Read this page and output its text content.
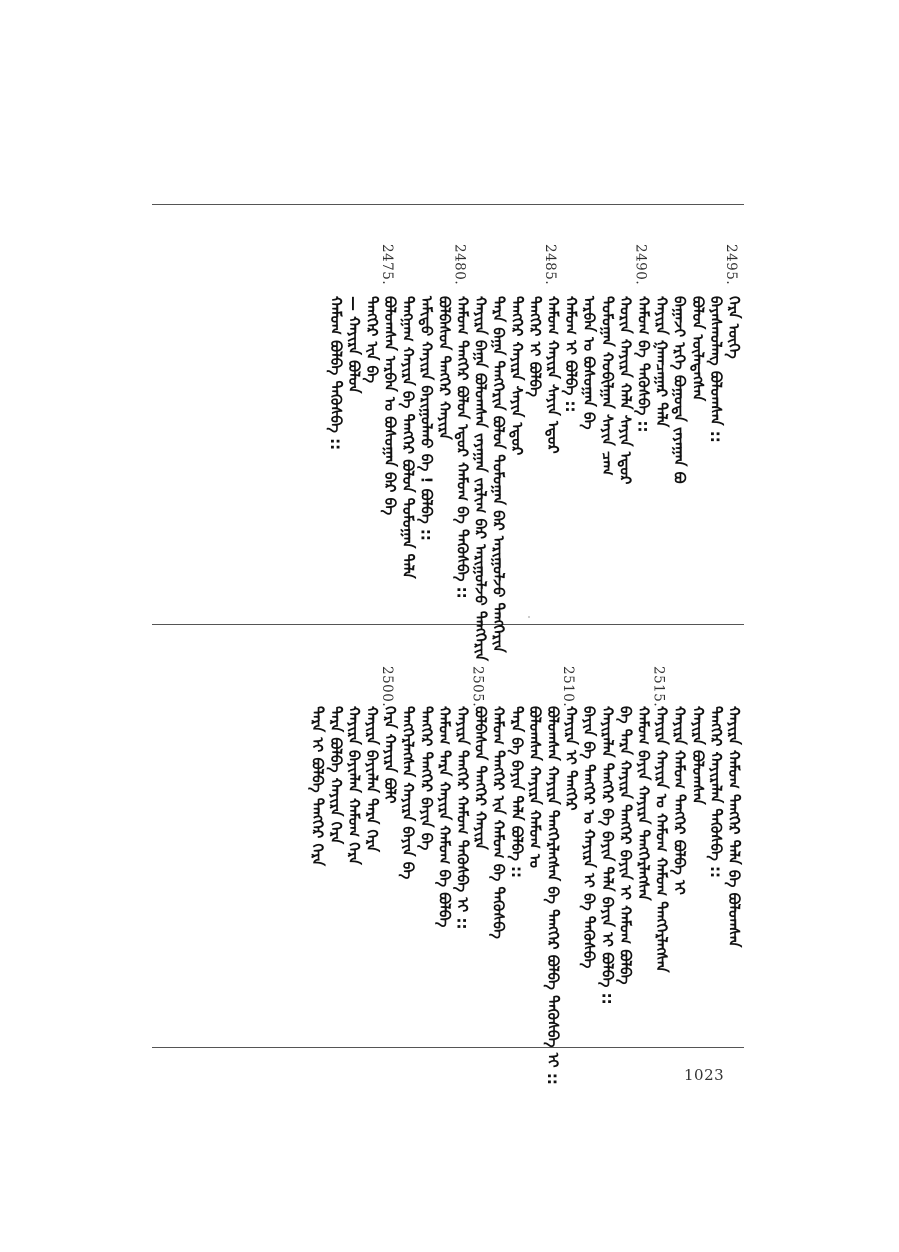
2495.
ᠬᠡᠷᠡ ᠦᠭᠡ
ᠪᠠᠶᠠᠰᠬᠤᠯᠠᠩ ᠪᠣᠯᠤᠭᠰᠠᠨ ::
ᠪᠣᠯᠤᠨ ᠦᠯᠡᠳᠡᠭᠰᠡᠨ
ᠪᠠᠭᠠᠵᠢ ᠡᠷᠬᠡ ᠪᠣᠭᠣᠳᠠ ᠵᠠᠶᠠᠭᠠᠨ ᠪᠣ
ᠬᠠᠶᠢᠷᠠ ᠭᠠᠭᠴᠠᠭᠠᠷ ᠲᠠᠯᠠ
2490.
ᠬᠠᠮᠤᠭ ᠪᠠ ᠲᠡᠭᠦᠰᠪᠡ ::
ᠬᠣᠷᠢᠨ ᠬᠠᠶᠢᠷᠠ ᠬᠠᠯᠠ ᠰᠠᠶᠢᠨ ᠡᠳᠦᠷ
ᠲᠣᠮᠣᠭᠠᠨ ᠬᠣᠪᠢᠯᠭᠠᠨ ᠰᠠᠶᠢᠨ ᠴᠠᠭ
ᠠᠷᠪᠠᠨ ᠣ ᠪᠣᠰᠣᠭᠠᠨ ᠪᠠ
ᠬᠠᠮᠤᠭ ᠢ ᠪᠣᠯᠪᠠ ::
2485.
ᠬᠠᠮᠤᠭ ᠬᠠᠶᠢᠷᠠ ᠰᠠᠶᠢᠨ ᠡᠳᠦᠷ
ᠲᠡᠩᠭᠡᠷ ᠢ ᠪᠣᠯᠪᠠ
ᠲᠡᠩᠭᠡᠷ ᠬᠠᠶᠢᠷᠠ ᠰᠠᠶᠢᠨ ᠡᠳᠦᠷ
ᠲᠡᠷᠡ ᠪᠠᠭᠠ ᠲᠡᠩᠭᠡᠷᠢᠨ ᠪᠣᠯᠤᠨ ᠲᠣᠮᠣᠭᠠᠨ ᠪᠠᠷ ᠠᠷᠢᠭᠤᠯᠵᠤ ᠲᠡᠩᠭᠡᠷᠢᠨ
ᠬᠠᠶᠢᠷᠠ ᠪᠠᠭᠠ ᠪᠣᠯᠤᠭᠰᠠᠨ ᠵᠠᠶᠠᠭᠠᠨ ᠵᠠᠷᠯᠢᠭ ᠪᠠᠷ ᠠᠷᠢᠭᠤᠯᠵᠤ ᠲᠡᠩᠭᠡᠷᠢᠨ
2480.
ᠬᠠᠮᠤᠭ ᠲᠡᠩᠭᠡᠷ ᠪᠣᠯᠤᠨ ᠡᠳᠦᠷ ᠬᠠᠮᠤᠭ ᠪᠠ ᠲᠡᠭᠦᠰᠪᠡ ::
ᠪᠣᠯᠪᠠᠰᠤᠨ ᠲᠡᠩᠭᠡᠷ ᠬᠠᠶᠢᠷᠠ
ᠠᠮᠢᠲᠤ ᠬᠠᠶᠢᠷᠠ ᠪᠠᠷᠢᠭᠤᠯᠬᠤ ᠪᠠ ! ᠪᠣᠯᠪᠠ ::
ᠲᠠᠩᠭᠠᠭ ᠬᠠᠶᠢᠷᠠ ᠪᠠ ᠲᠡᠩᠭᠡᠷ ᠪᠣᠯᠤᠨ ᠲᠣᠮᠣᠭᠠᠨ ᠲᠠᠯᠠ
2475.
ᠪᠣᠯᠤᠭᠰᠠᠨ ᠠᠷᠪᠠᠨ ᠣ ᠪᠣᠰᠣᠭᠠᠨ ᠪᠠᠷ ᠪᠠ
ᠲᠡᠩᠭᠡᠷ ᠢᠨ ᠪᠠ
— ᠬᠠᠶᠢᠷᠠ ᠪᠣᠯᠤᠨ
ᠬᠠᠮᠤᠭ ᠪᠣᠯᠪᠠ ᠲᠡᠭᠦᠰᠪᠡ ::
ᠬᠠᠶᠢᠷᠠ ᠬᠠᠮᠤᠭ ᠲᠡᠩᠭᠡᠷ ᠲᠠᠯᠠ ᠪᠠ ᠪᠣᠯᠤᠭᠰᠠᠨ
ᠲᠡᠩᠭᠡᠷ ᠬᠠᠶᠢᠷᠠᠯᠠᠨ ᠲᠡᠭᠦᠰᠪᠡ ::
ᠬᠠᠶᠢᠷᠠ ᠪᠣᠯᠤᠭᠰᠠᠨ
ᠬᠠᠶᠢᠷᠠ ᠬᠠᠮᠤᠭ ᠲᠡᠩᠭᠡᠷ ᠪᠣᠯᠪᠠ ᠢ
2515.
ᠬᠠᠶᠢᠷᠠ ᠬᠠᠶᠢᠷᠠ ᠣ ᠬᠠᠮᠤᠭ ᠬᠠᠮᠤᠭ ᠲᠡᠩᠭᠡᠷᠯᠡᠭᠰᠡᠨ
ᠬᠠᠮᠤᠭ ᠪᠠᠶᠢᠨ ᠬᠠᠶᠢᠷᠠ ᠲᠡᠩᠭᠡᠷᠯᠡᠭᠰᠡᠨ
ᠪᠠ ᠲᠡᠷᠡ ᠬᠠᠶᠢᠷᠠ ᠲᠡᠩᠭᠡᠷ ᠪᠠᠶᠢᠨ ᠢ ᠬᠠᠮᠤᠭ ᠪᠣᠯᠪᠠ
ᠬᠠᠶᠢᠷᠠᠯᠠᠨ ᠲᠡᠩᠭᠡᠷ ᠪᠠ ᠪᠠᠶᠢᠨ ᠲᠠᠯᠠ ᠪᠠᠶᠢᠨ ᠢ ᠪᠣᠯᠪᠠ ::
ᠪᠠᠶᠢᠨ ᠪᠠ ᠲᠡᠩᠭᠡᠷ ᠣ ᠬᠠᠶᠢᠷᠠ ᠢ ᠪᠠ ᠲᠡᠭᠦᠰᠪᠡ
2510.
ᠬᠠᠶᠢᠷᠠ ᠢ ᠲᠡᠩᠭᠡᠷ
ᠪᠣᠯᠤᠭᠰᠠᠨ ᠬᠠᠶᠢᠷᠠ ᠲᠡᠩᠭᠡᠷᠯᠡᠭᠰᠡᠨ ᠪᠠ ᠲᠡᠩᠭᠡᠷ ᠪᠣᠯᠪᠠ ᠲᠡᠭᠦᠰᠪᠡ ᠢ ::
ᠪᠣᠯᠤᠭᠰᠠᠨ ᠬᠠᠶᠢᠷᠠ ᠬᠠᠮᠤᠭ ᠣ
ᠲᠡᠷᠡ ᠪᠠ ᠪᠠᠶᠢᠨ ᠲᠠᠯᠠ ᠪᠣᠯᠪᠠ ::
ᠬᠠᠮᠤᠭ ᠲᠡᠩᠭᠡᠷ ᠢᠨ ᠬᠠᠮᠤᠭ ᠪᠠ ᠲᠡᠭᠦᠰᠪᠡ
2505.
ᠪᠣᠯᠪᠠᠰᠤᠨ ᠲᠡᠩᠭᠡᠷ ᠬᠠᠶᠢᠷᠠ
ᠬᠠᠶᠢᠷᠠ ᠲᠡᠩᠭᠡᠷ ᠬᠠᠮᠤᠭ ᠲᠡᠭᠦᠰᠪᠡ ᠢ ::
ᠬᠠᠮᠤᠭ ᠲᠡᠷᠡ ᠬᠠᠶᠢᠷᠠ ᠬᠠᠮᠤᠭ ᠪᠠ ᠪᠣᠯᠪᠠ
ᠲᠡᠩᠭᠡᠷ ᠲᠡᠩᠭᠡᠷ ᠪᠠᠶᠢᠨ ᠪᠠ
ᠲᠡᠩᠭᠡᠷᠯᠡᠭᠰᠡᠨ ᠬᠠᠶᠢᠷᠠ ᠪᠠᠶᠢᠨ ᠪᠠ
2500.
ᠬᠡᠷᠡ ᠬᠠᠶᠢᠷᠠ ᠪᠣᠯᠢ
ᠬᠠᠶᠢᠷᠠ ᠪᠠᠶᠢᠨᠯᠠᠨ ᠲᠡᠷᠡ ᠬᠡᠷᠡ
ᠬᠠᠶᠢᠷᠠ ᠪᠠᠶᠢᠨᠯᠠᠨ ᠬᠠᠮᠤᠭ ᠬᠡᠷᠡ
ᠲᠡᠷᠡ ᠪᠣᠯᠪᠠ ᠬᠠᠶᠢᠷᠠ ᠬᠡᠷᠡ
ᠲᠡᠷᠡ ᠢ ᠪᠣᠯᠪᠠ ᠲᠡᠩᠭᠡᠷ ᠬᠡᠷᠡ
1023
